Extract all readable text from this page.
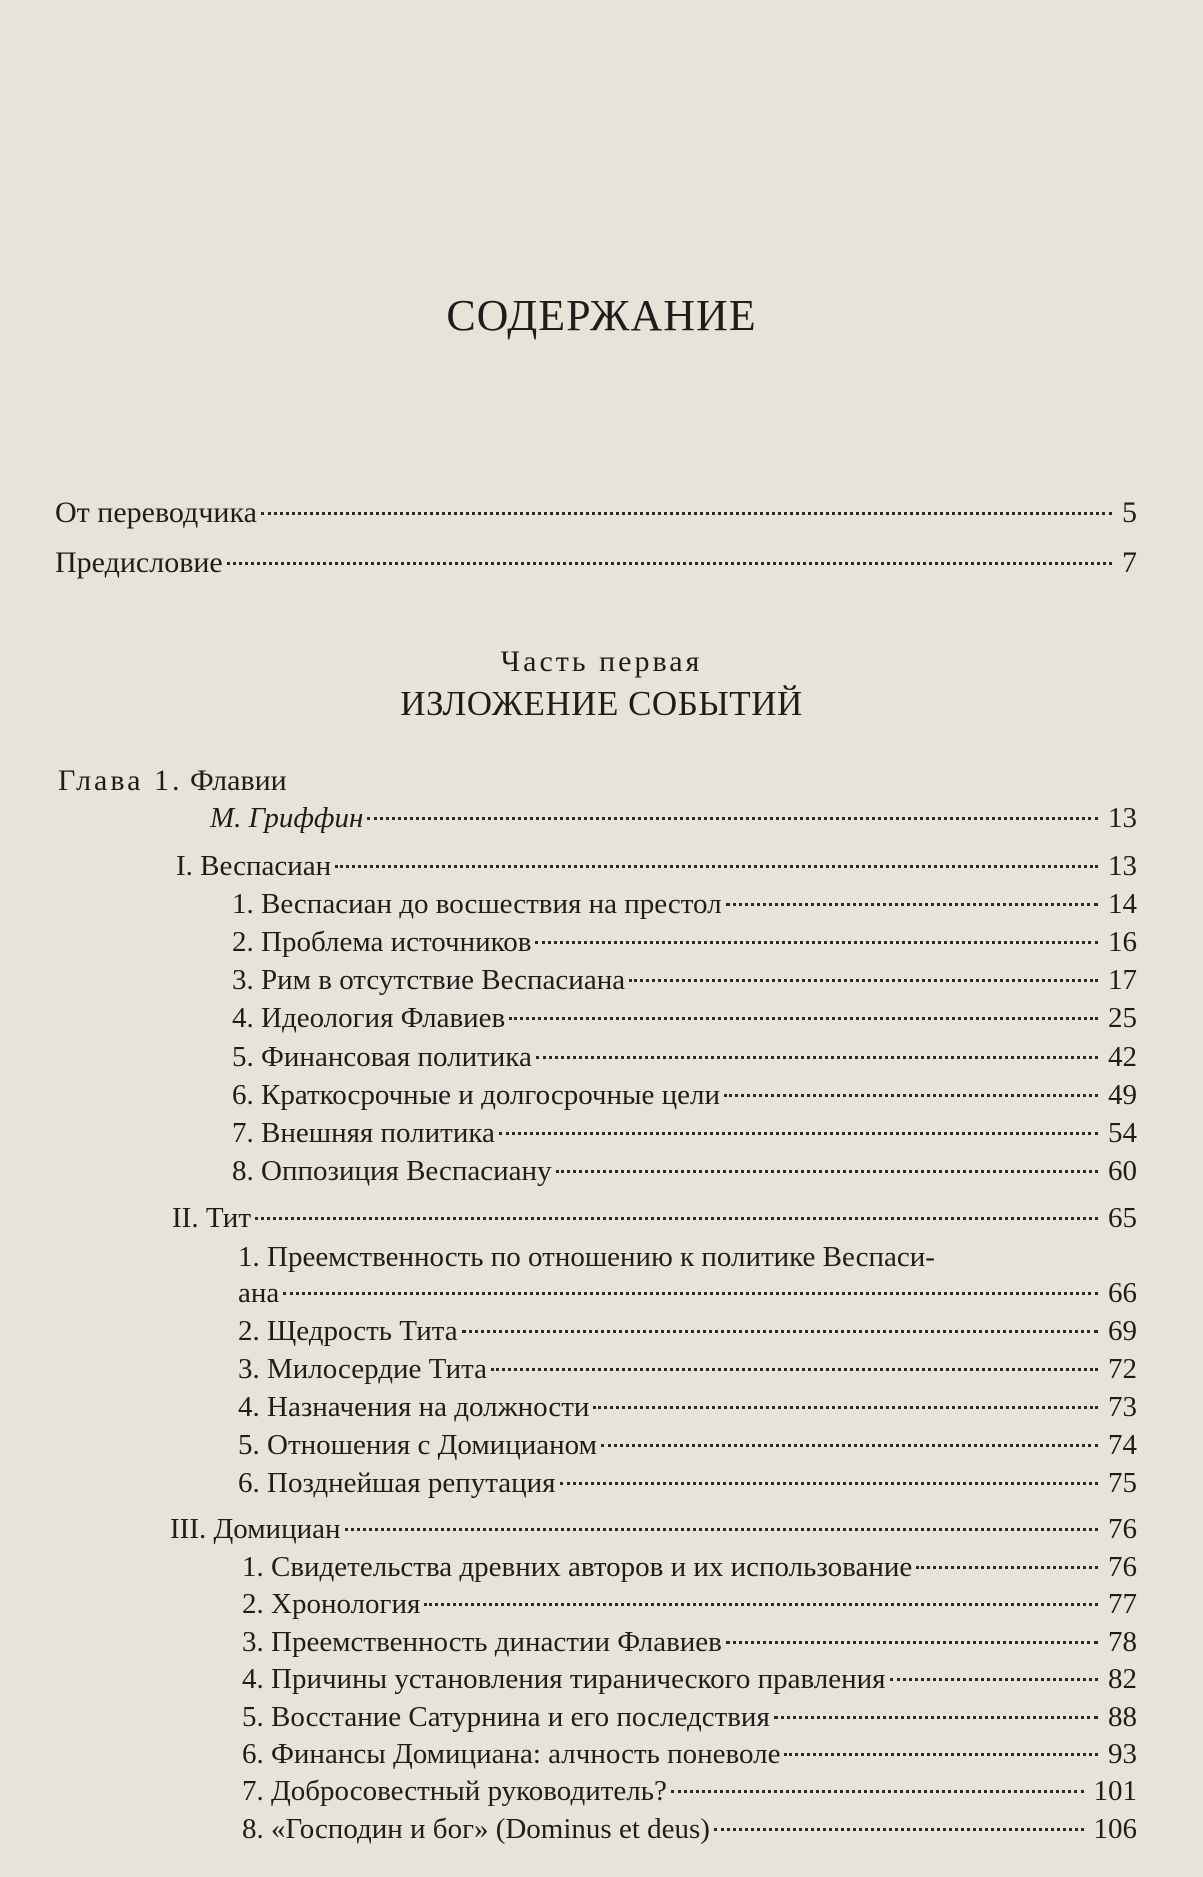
СОДЕРЖАНИЕ
От переводчика	5
Предисловие	7
Часть первая
ИЗЛОЖЕНИЕ СОБЫТИЙ
Глава 1. Флавии
М. Гриффин	13
I. Веспасиан	13
1. Веспасиан до восшествия на престол	14
2. Проблема источников	16
3. Рим в отсутствие Веспасиана	17
4. Идеология Флавиев	25
5. Финансовая политика	42
6. Краткосрочные и долгосрочные цели	49
7. Внешняя политика	54
8. Оппозиция Веспасиану	60
II. Тит	65
1. Преемственность по отношению к политике Веспаси-
ана	66
2. Щедрость Тита	69
3. Милосердие Тита	72
4. Назначения на должности	73
5. Отношения с Домицианом	74
6. Позднейшая репутация	75
III. Домициан	76
1. Свидетельства древних авторов и их использование	76
2. Хронология	77
3. Преемственность династии Флавиев	78
4. Причины установления тиранического правления	82
5. Восстание Сатурнина и его последствия	88
6. Финансы Домициана: алчность поневоле	93
7. Добросовестный руководитель?	101
8. «Господин и бог» (Dominus et deus)	106
